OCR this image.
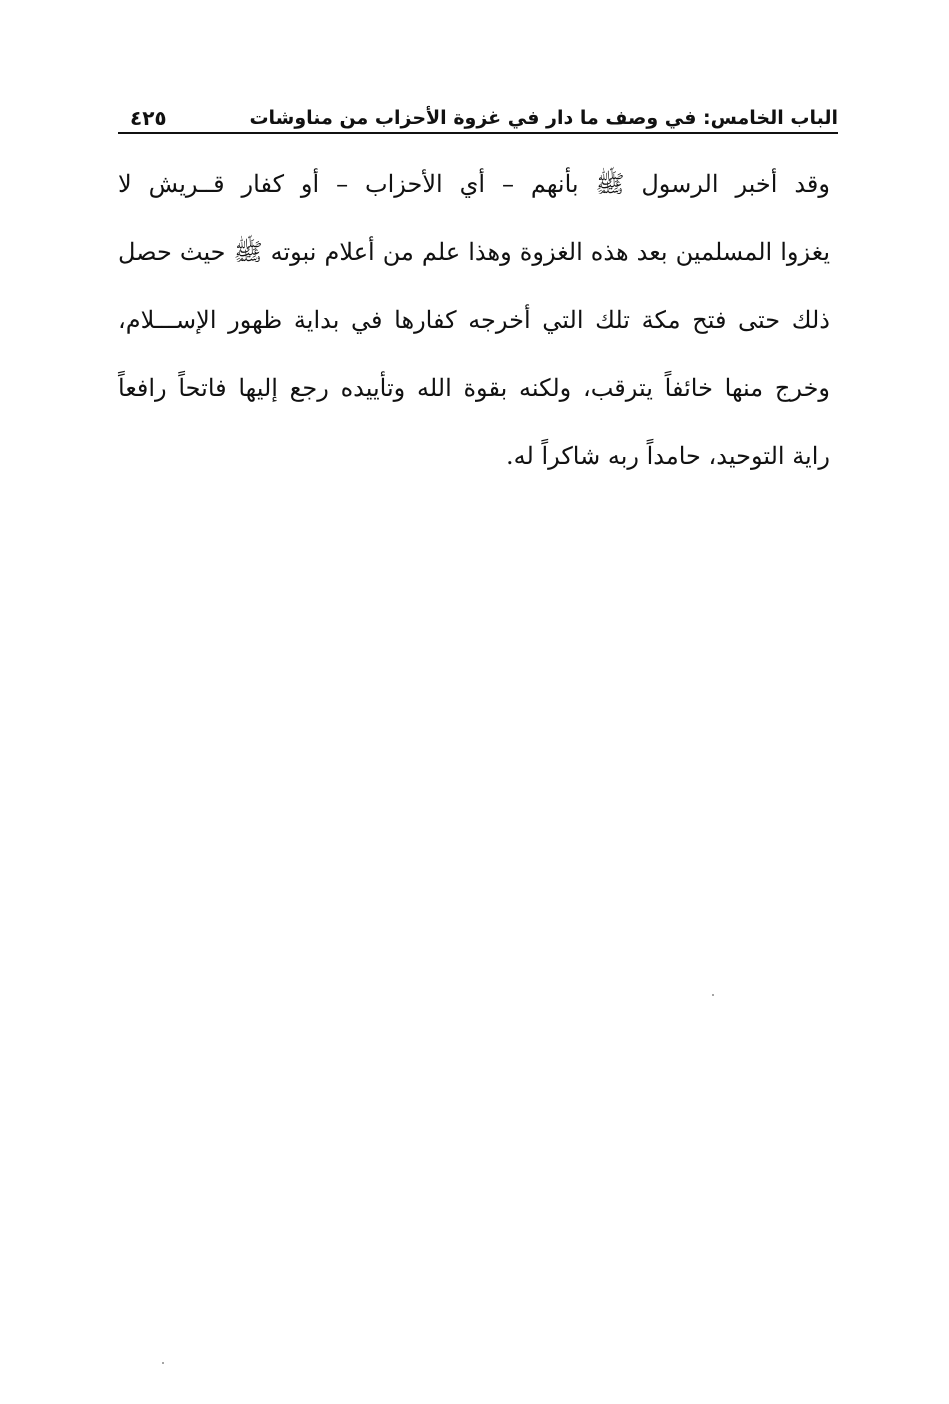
الباب الخامس: في وصف ما دار في غزوة الأحزاب من مناوشات
٤٢٥
وقد أخبر الرسول ﷺ بأنهم – أي الأحزاب – أو كفار قــريش لا
يغزوا المسلمين بعد هذه الغزوة وهذا علم من أعلام نبوته ﷺ حيث حصل
ذلك حتى فتح مكة تلك التي أخرجه كفارها في بداية ظهور الإســـلام،
وخرج منها خائفاً يترقب، ولكنه بقوة الله وتأييده رجع إليها فاتحاً رافعاً
راية التوحيد، حامداً ربه شاكراً له.
